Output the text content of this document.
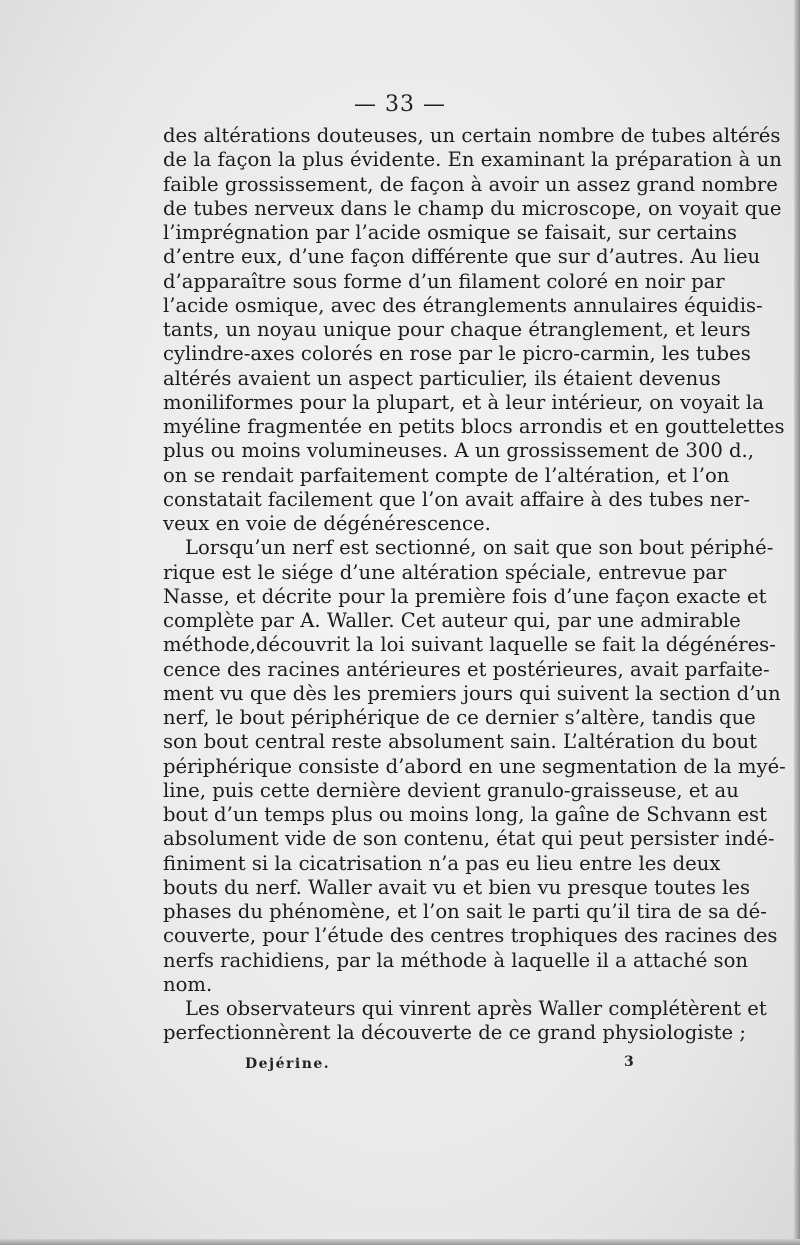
— 33 —

des altérations douteuses, un certain nombre de tubes altérés
de la façon la plus évidente. En examinant la préparation à un
faible grossissement, de façon à avoir un assez grand nombre
de tubes nerveux dans le champ du microscope, on voyait que
l’imprégnation par l’acide osmique se faisait, sur certains
d’entre eux, d’une façon différente que sur d’autres. Au lieu
d’apparaître sous forme d’un filament coloré en noir par
l’acide osmique, avec des étranglements annulaires équidis-
tants, un noyau unique pour chaque étranglement, et leurs
cylindre-axes colorés en rose par le picro-carmin, les tubes
altérés avaient un aspect particulier, ils étaient devenus
moniliformes pour la plupart, et à leur intérieur, on voyait la
myéline fragmentée en petits blocs arrondis et en gouttelettes
plus ou moins volumineuses. A un grossissement de 300 d.,
on se rendait parfaitement compte de l’altération, et l’on
constatait facilement que l’on avait affaire à des tubes ner-
veux en voie de dégénérescence.

Lorsqu’un nerf est sectionné, on sait que son bout périphé-
rique est le siége d’une altération spéciale, entrevue par
Nasse, et décrite pour la première fois d’une façon exacte et
complète par A. Waller. Cet auteur qui, par une admirable
méthode,découvrit la loi suivant laquelle se fait la dégénéres-
cence des racines antérieures et postérieures, avait parfaite-
ment vu que dès les premiers jours qui suivent la section d’un
nerf, le bout périphérique de ce dernier s’altère, tandis que
son bout central reste absolument sain. L’altération du bout
périphérique consiste d’abord en une segmentation de la myé-
line, puis cette dernière devient granulo-graisseuse, et au
bout d’un temps plus ou moins long, la gaîne de Schvann est
absolument vide de son contenu, état qui peut persister indé-
finiment si la cicatrisation n’a pas eu lieu entre les deux
bouts du nerf. Waller avait vu et bien vu presque toutes les
phases du phénomène, et l’on sait le parti qu’il tira de sa dé-
couverte, pour l’étude des centres trophiques des racines des
nerfs rachidiens, par la méthode à laquelle il a attaché son
nom.

Les observateurs qui vinrent après Waller complétèrent et
perfectionnèrent la découverte de ce grand physiologiste ;

Dejérine.	3
